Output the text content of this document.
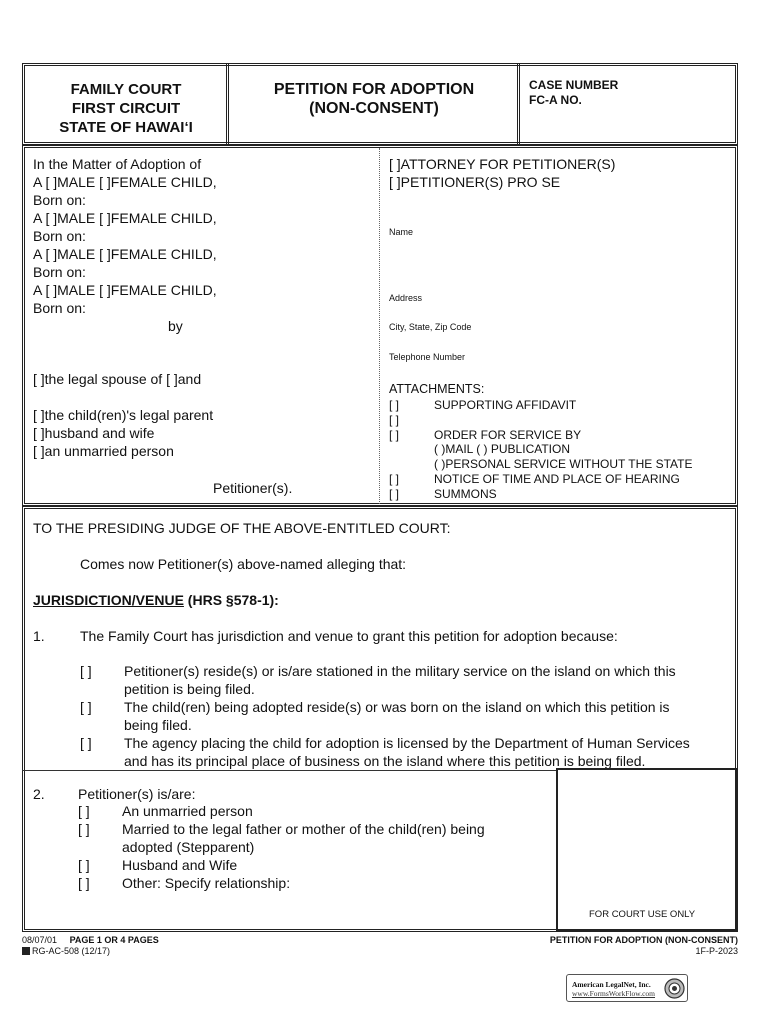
FAMILY COURT
FIRST CIRCUIT
STATE OF HAWAI‘I
PETITION FOR ADOPTION
(NON-CONSENT)
CASE NUMBER
FC-A NO.
In the Matter of Adoption of
A [ ]MALE [ ]FEMALE CHILD,
Born on:
A [ ]MALE [ ]FEMALE CHILD,
Born on:
A [ ]MALE [ ]FEMALE CHILD,
Born on:
A [ ]MALE [ ]FEMALE CHILD,
Born on:
by
[ ]the legal spouse of [ ]and
[ ]the child(ren)'s legal parent
[ ]husband and wife
[ ]an unmarried person
Petitioner(s).
[ ]ATTORNEY FOR PETITIONER(S)
[ ]PETITIONER(S) PRO SE
Name
Address
City, State, Zip Code
Telephone Number
ATTACHMENTS:
[ ]	SUPPORTING AFFIDAVIT
[ ]
[ ]	ORDER FOR SERVICE BY
( )MAIL ( ) PUBLICATION
( )PERSONAL SERVICE WITHOUT THE STATE
[ ]	NOTICE OF TIME AND PLACE OF HEARING
[ ]	SUMMONS
TO THE PRESIDING JUDGE OF THE ABOVE-ENTITLED COURT:
Comes now Petitioner(s) above-named alleging that:
JURISDICTION/VENUE (HRS §578-1):
1.	The Family Court has jurisdiction and venue to grant this petition for adoption because:
[ ] Petitioner(s) reside(s) or is/are stationed in the military service on the island on which this
petition is being filed.
[ ] The child(ren) being adopted reside(s) or was born on the island on which this petition is
being filed.
[ ] The agency placing the child for adoption is licensed by the Department of Human Services
and has its principal place of business on the island where this petition is being filed.
FOR COURT USE ONLY
2. Petitioner(s) is/are:
[ ] An unmarried person
[ ] Married to the legal father or mother of the child(ren) being
adopted (Stepparent)
[ ] Husband and Wife
[ ] Other: Specify relationship:
08/07/01 PAGE 1 OR 4 PAGES
RG-AC-508 (12/17)
PETITION FOR ADOPTION (NON-CONSENT)
1F-P-2023
American LegalNet, Inc.
www.FormsWorkFlow.com
